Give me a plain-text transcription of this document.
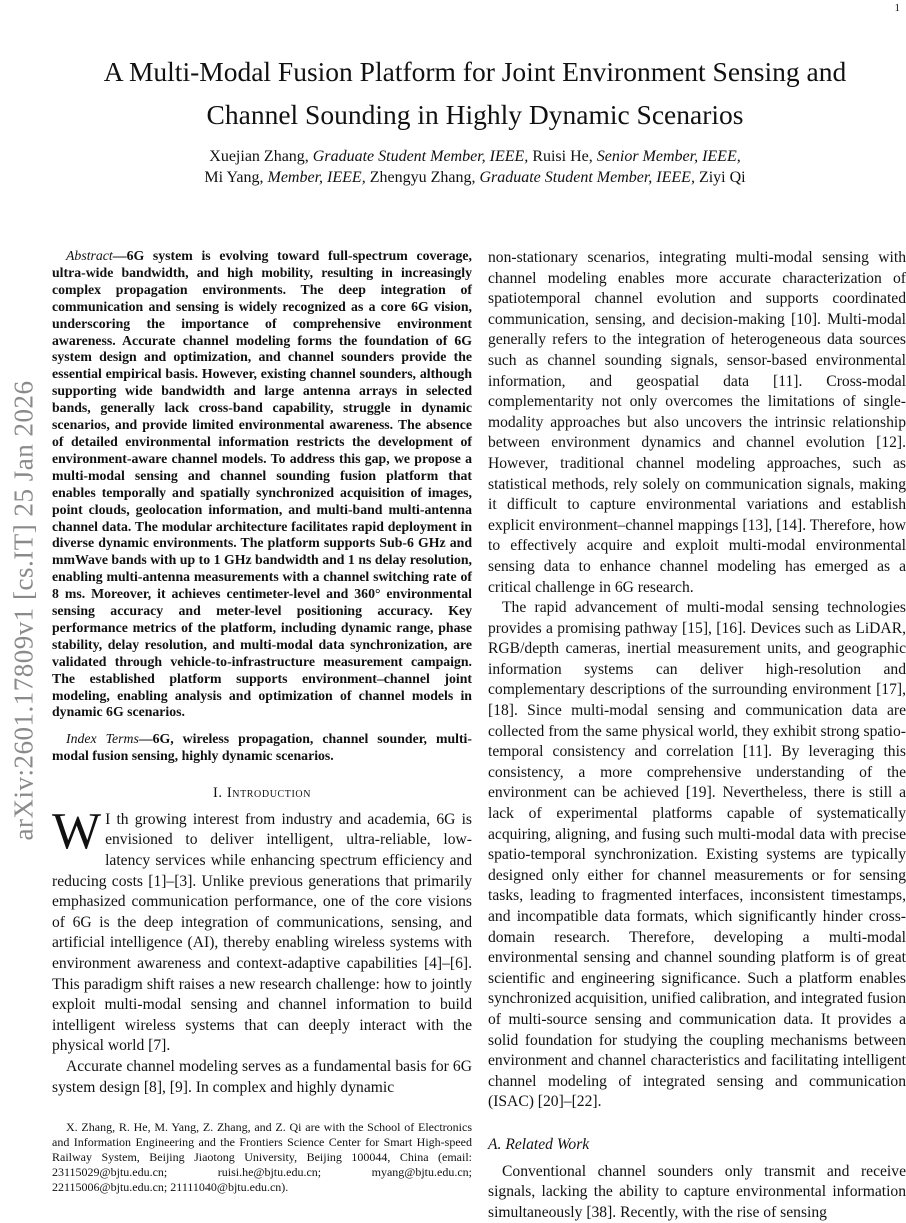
1
arXiv:2601.17809v1 [cs.IT] 25 Jan 2026
A Multi-Modal Fusion Platform for Joint Environment Sensing and
Channel Sounding in Highly Dynamic Scenarios
Xuejian Zhang, Graduate Student Member, IEEE, Ruisi He, Senior Member, IEEE,
Mi Yang, Member, IEEE, Zhengyu Zhang, Graduate Student Member, IEEE, Ziyi Qi

Abstract—6G system is evolving toward full-spectrum coverage, ultra-wide bandwidth, and high mobility, resulting in increasingly complex propagation environments. The deep integration of communication and sensing is widely recognized as a core 6G vision, underscoring the importance of comprehensive environment awareness. Accurate channel modeling forms the foundation of 6G system design and optimization, and channel sounders provide the essential empirical basis. However, existing channel sounders, although supporting wide bandwidth and large antenna arrays in selected bands, generally lack cross-band capability, struggle in dynamic scenarios, and provide limited environmental awareness. The absence of detailed environmental information restricts the development of environment-aware channel models. To address this gap, we propose a multi-modal sensing and channel sounding fusion platform that enables temporally and spatially synchronized acquisition of images, point clouds, geolocation information, and multi-band multi-antenna channel data. The modular architecture facilitates rapid deployment in diverse dynamic environments. The platform supports Sub-6 GHz and mmWave bands with up to 1 GHz bandwidth and 1 ns delay resolution, enabling multi-antenna measurements with a channel switching rate of 8 ms. Moreover, it achieves centimeter-level and 360° environmental sensing accuracy and meter-level positioning accuracy. Key performance metrics of the platform, including dynamic range, phase stability, delay resolution, and multi-modal data synchronization, are validated through vehicle-to-infrastructure measurement campaign. The established platform supports environment–channel joint modeling, enabling analysis and optimization of channel models in dynamic 6G scenarios.

Index Terms—6G, wireless propagation, channel sounder, multi-modal fusion sensing, highly dynamic scenarios.

I. Introduction

W I th growing interest from industry and academia, 6G is envisioned to deliver intelligent, ultra-reliable, low-latency services while enhancing spectrum efficiency and reducing costs [1]–[3]. Unlike previous generations that primarily emphasized communication performance, one of the core visions of 6G is the deep integration of communications, sensing, and artificial intelligence (AI), thereby enabling wireless systems with environment awareness and context-adaptive capabilities [4]–[6]. This paradigm shift raises a new research challenge: how to jointly exploit multi-modal sensing and channel information to build intelligent wireless systems that can deeply interact with the physical world [7].

Accurate channel modeling serves as a fundamental basis for 6G system design [8], [9]. In complex and highly dynamic

non-stationary scenarios, integrating multi-modal sensing with channel modeling enables more accurate characterization of spatiotemporal channel evolution and supports coordinated communication, sensing, and decision-making [10]. Multi-modal generally refers to the integration of heterogeneous data sources such as channel sounding signals, sensor-based environmental information, and geospatial data [11]. Cross-modal complementarity not only overcomes the limitations of single-modality approaches but also uncovers the intrinsic relationship between environment dynamics and channel evolution [12]. However, traditional channel modeling approaches, such as statistical methods, rely solely on communication signals, making it difficult to capture environmental variations and establish explicit environment–channel mappings [13], [14]. Therefore, how to effectively acquire and exploit multi-modal environmental sensing data to enhance channel modeling has emerged as a critical challenge in 6G research.

The rapid advancement of multi-modal sensing technologies provides a promising pathway [15], [16]. Devices such as LiDAR, RGB/depth cameras, inertial measurement units, and geographic information systems can deliver high-resolution and complementary descriptions of the surrounding environment [17], [18]. Since multi-modal sensing and communication data are collected from the same physical world, they exhibit strong spatio-temporal consistency and correlation [11]. By leveraging this consistency, a more comprehensive understanding of the environment can be achieved [19]. Nevertheless, there is still a lack of experimental platforms capable of systematically acquiring, aligning, and fusing such multi-modal data with precise spatio-temporal synchronization. Existing systems are typically designed only either for channel measurements or for sensing tasks, leading to fragmented interfaces, inconsistent timestamps, and incompatible data formats, which significantly hinder cross-domain research. Therefore, developing a multi-modal environmental sensing and channel sounding platform is of great scientific and engineering significance. Such a platform enables synchronized acquisition, unified calibration, and integrated fusion of multi-source sensing and communication data. It provides a solid foundation for studying the coupling mechanisms between environment and channel characteristics and facilitating intelligent channel modeling of integrated sensing and communication (ISAC) [20]–[22].

A. Related Work

Conventional channel sounders only transmit and receive signals, lacking the ability to capture environmental information simultaneously [38]. Recently, with the rise of sensing

X. Zhang, R. He, M. Yang, Z. Zhang, and Z. Qi are with the School of Electronics and Information Engineering and the Frontiers Science Center for Smart High-speed Railway System, Beijing Jiaotong University, Beijing 100044, China (email: 23115029@bjtu.edu.cn; ruisi.he@bjtu.edu.cn; myang@bjtu.edu.cn; 22115006@bjtu.edu.cn; 21111040@bjtu.edu.cn).
